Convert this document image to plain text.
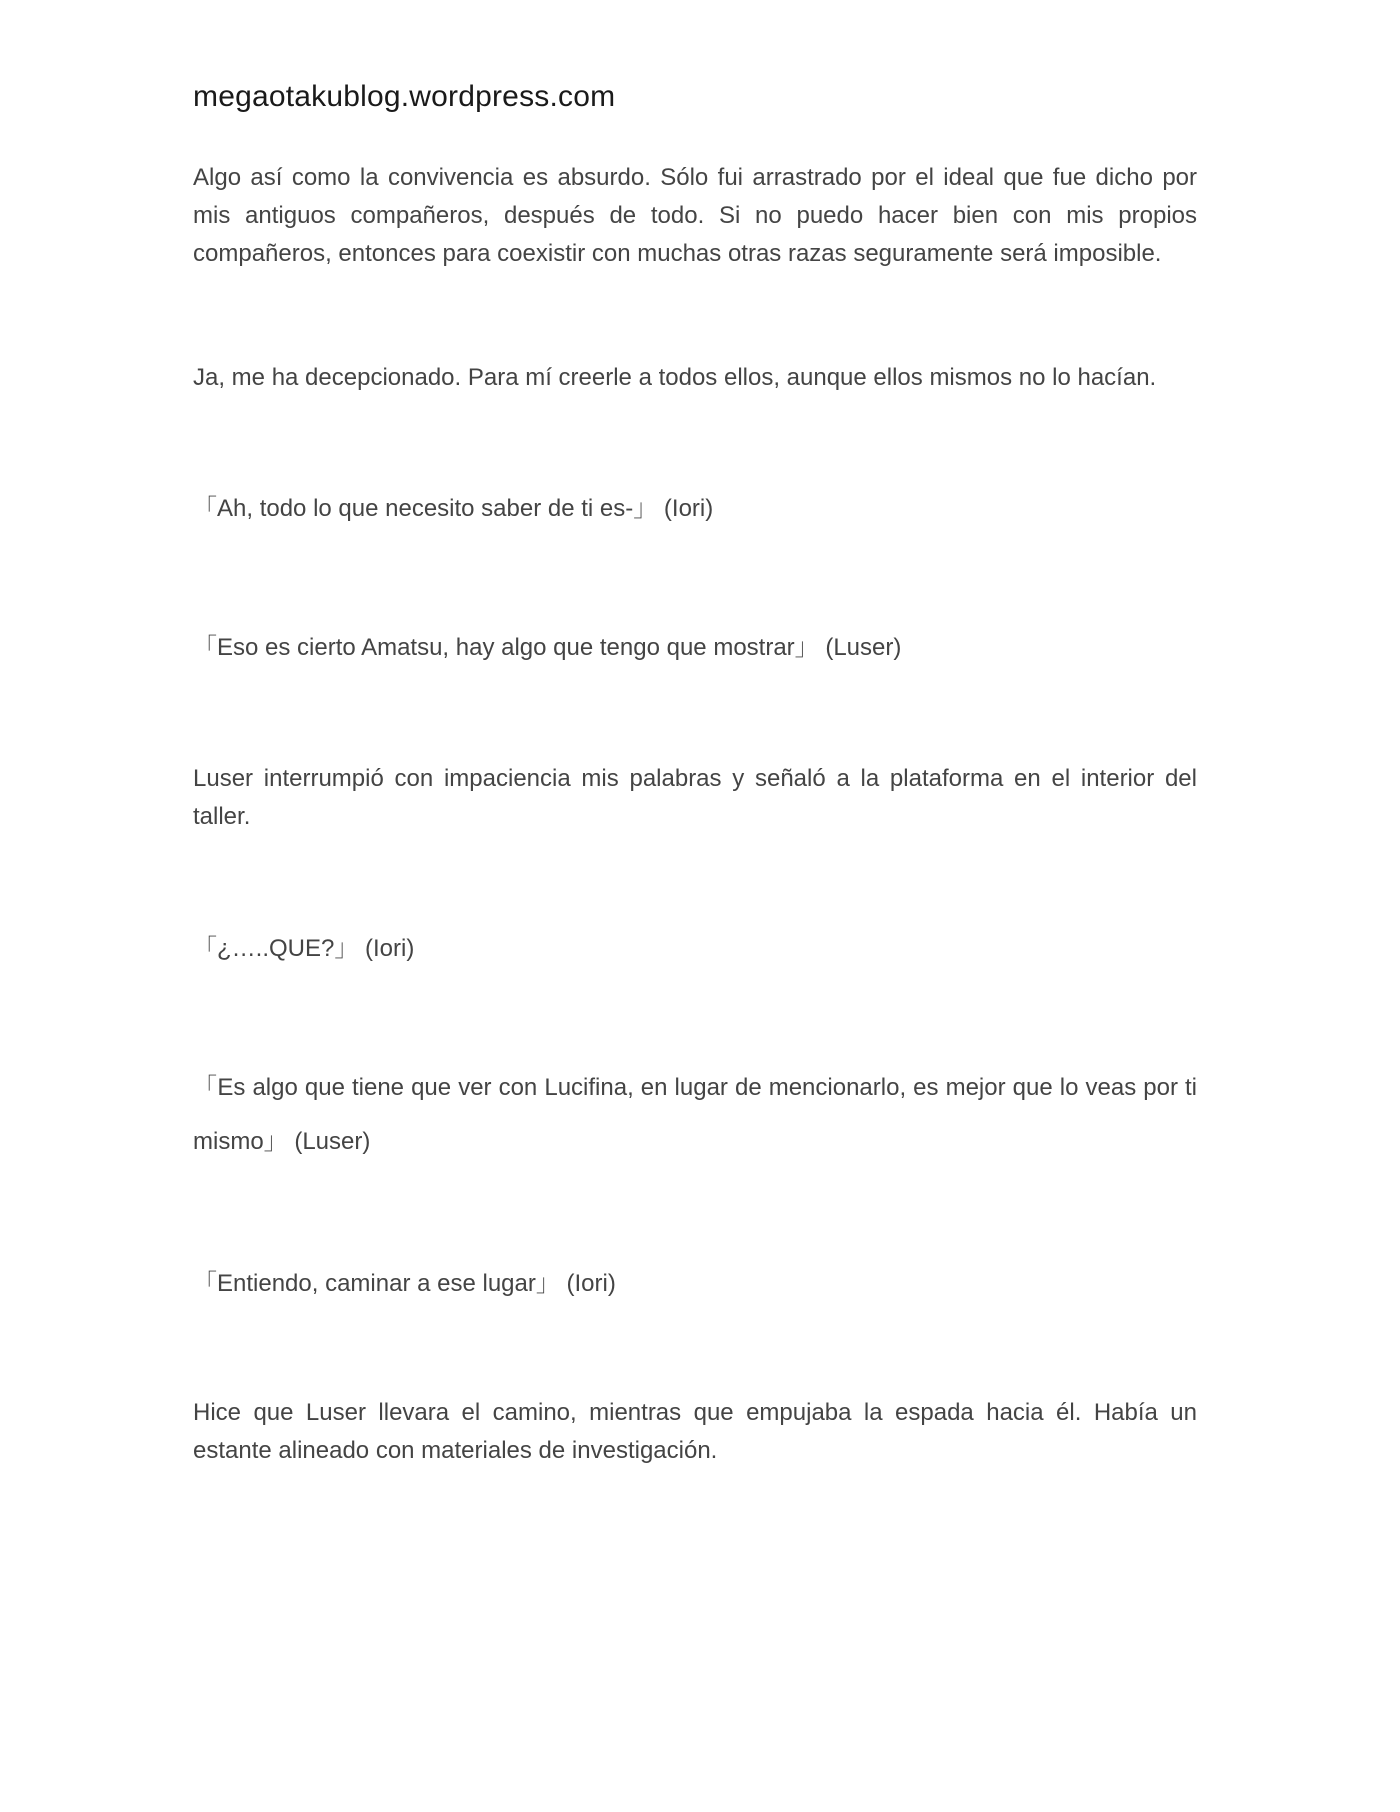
megaotakublog.wordpress.com

Algo así como la convivencia es absurdo. Sólo fui arrastrado por el ideal que fue dicho por mis antiguos compañeros, después de todo. Si no puedo hacer bien con mis propios compañeros, entonces para coexistir con muchas otras razas seguramente será imposible.

Ja, me ha decepcionado. Para mí creerle a todos ellos, aunque ellos mismos no lo hacían.

「Ah, todo lo que necesito saber de ti es-」 (Iori)

「Eso es cierto Amatsu, hay algo que tengo que mostrar」 (Luser)

Luser interrumpió con impaciencia mis palabras y señaló a la plataforma en el interior del taller.

「¿…..QUE?」 (Iori)

「Es algo que tiene que ver con Lucifina, en lugar de mencionarlo, es mejor que lo veas por ti mismo」 (Luser)

「Entiendo, caminar a ese lugar」 (Iori)

Hice que Luser llevara el camino, mientras que empujaba la espada hacia él. Había un estante alineado con materiales de investigación.
